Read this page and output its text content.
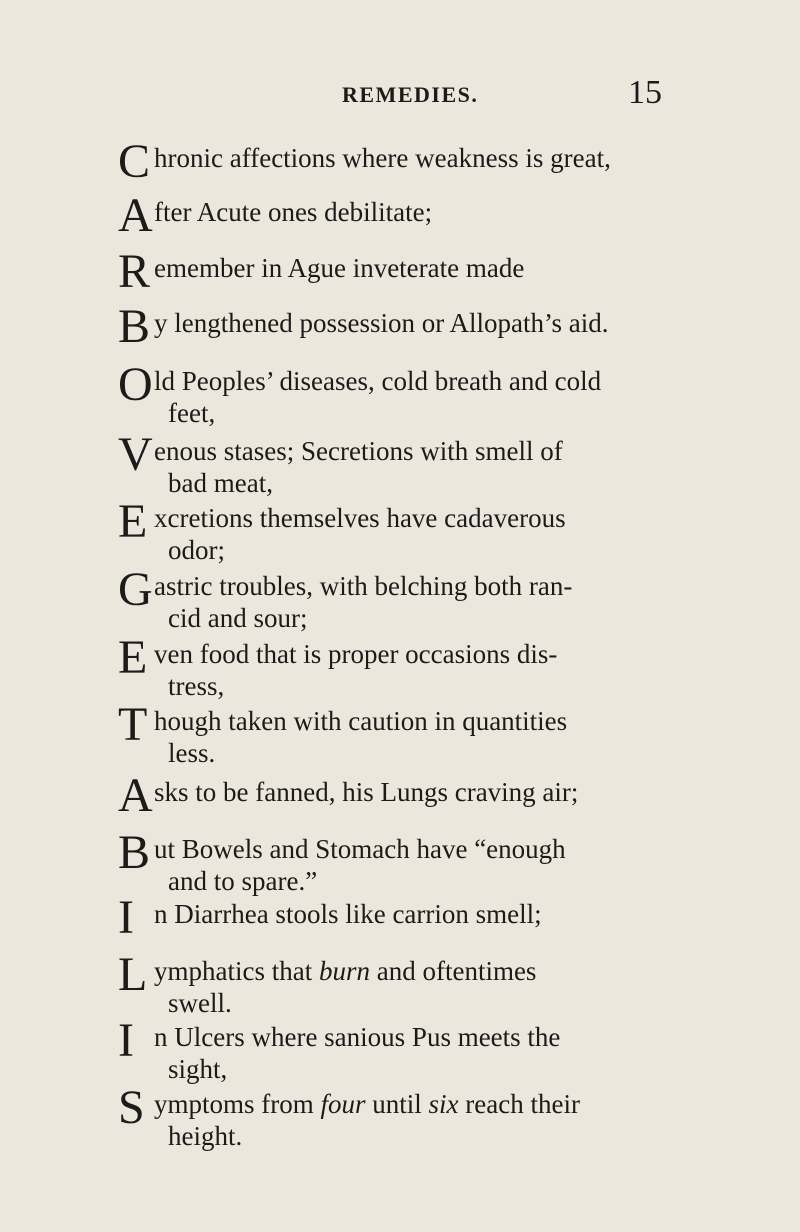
REMEDIES.	15
C hronic affections where weakness is great,
A fter Acute ones debilitate;
R emember in Ague inveterate made
B y lengthened possession or Allopath’s aid.
O ld Peoples’ diseases, cold breath and cold
feet,
V enous stases; Secretions with smell of
bad meat,
E xcretions themselves have cadaverous
odor;
G astric troubles, with belching both ran-
cid and sour;
E ven food that is proper occasions dis-
tress,
T hough taken with caution in quantities
less.
A sks to be fanned, his Lungs craving air;
B ut Bowels and Stomach have “enough
and to spare.”
I n Diarrhea stools like carrion smell;
L ymphatics that burn and oftentimes
swell.
I n Ulcers where sanious Pus meets the
sight,
S ymptoms from four until six reach their
height.
